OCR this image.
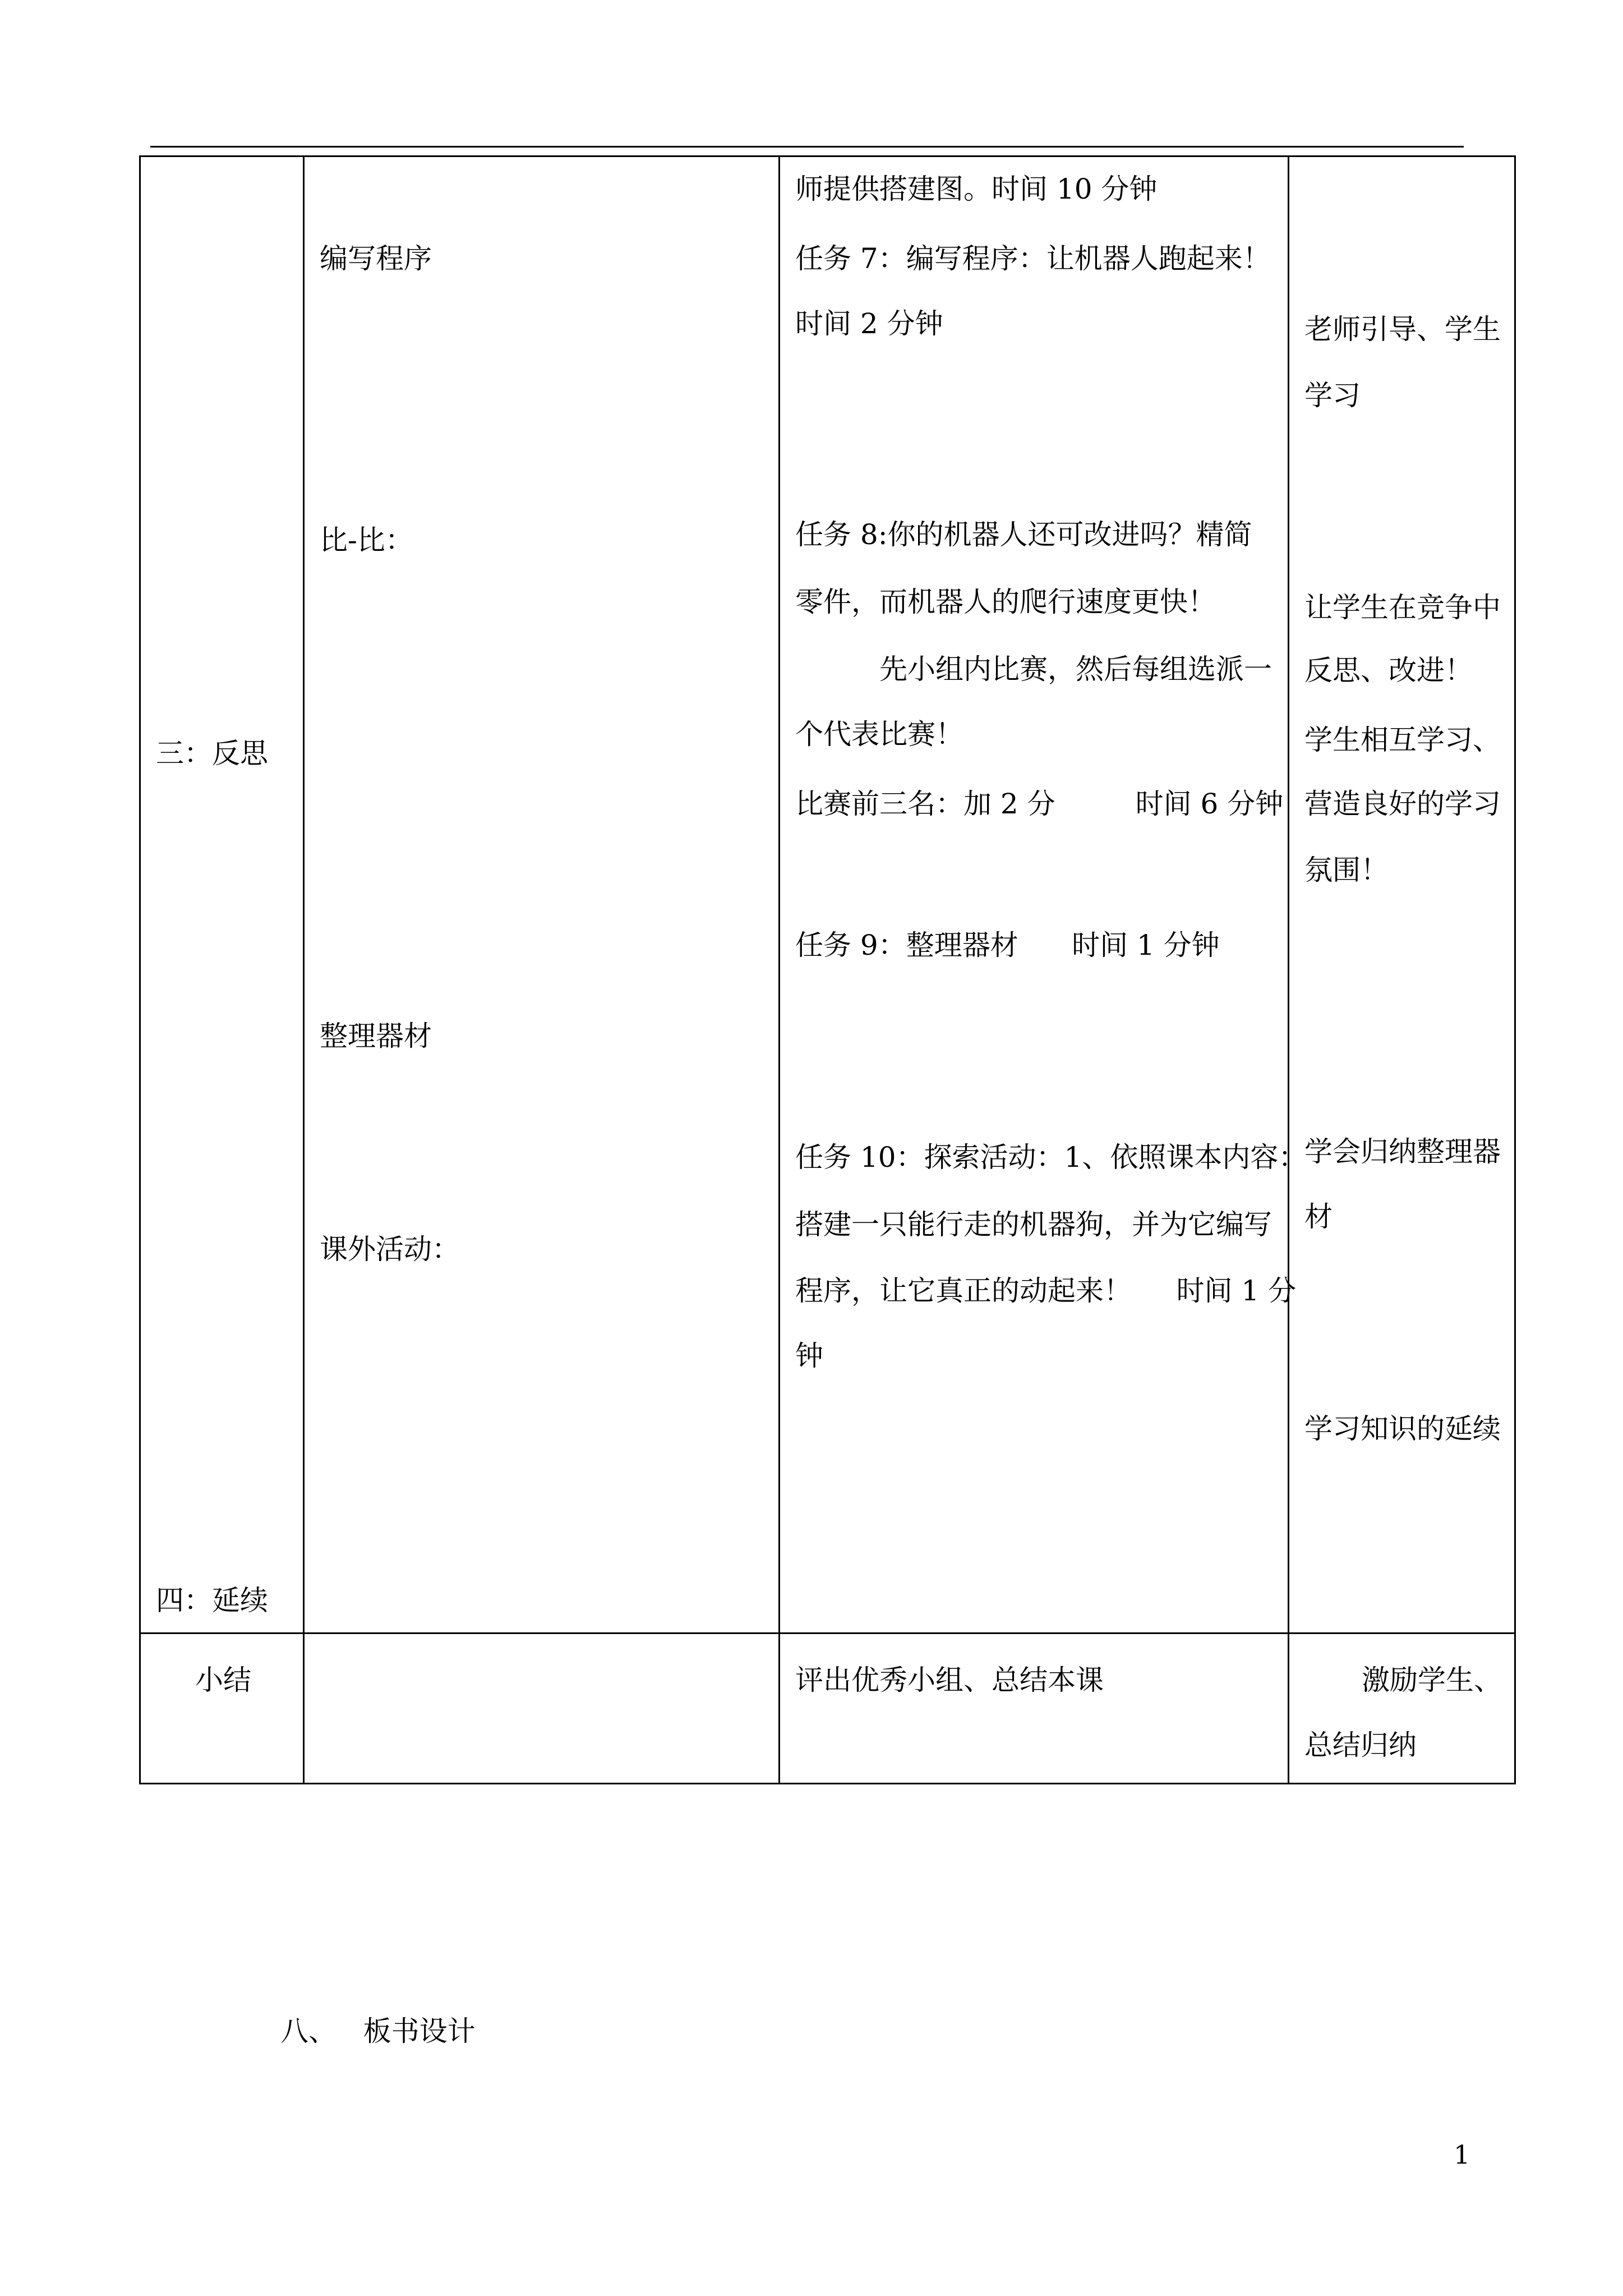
三：反思
四：延续
小结
编写程序
比-比：
整理器材
课外活动：
师提供搭建图。时间 10 分钟
任务 7：编写程序：让机器人跑起来！
时间 2 分钟
任务 8:你的机器人还可改进吗？精简
零件，而机器人的爬行速度更快！
先小组内比赛，然后每组选派一
个代表比赛！
比赛前三名：加 2 分         时间 6 分钟
任务 9：整理器材      时间 1 分钟
任务 10：探索活动：1、依照课本内容：
搭建一只能行走的机器狗，并为它编写
程序，让它真正的动起来！     时间 1 分
钟
评出优秀小组、总结本课
老师引导、学生
学习
让学生在竞争中
反思、改进！
学生相互学习、
营造良好的学习
氛围！
学会归纳整理器
材
学习知识的延续
激励学生、
总结归纳
八、   板书设计
1
